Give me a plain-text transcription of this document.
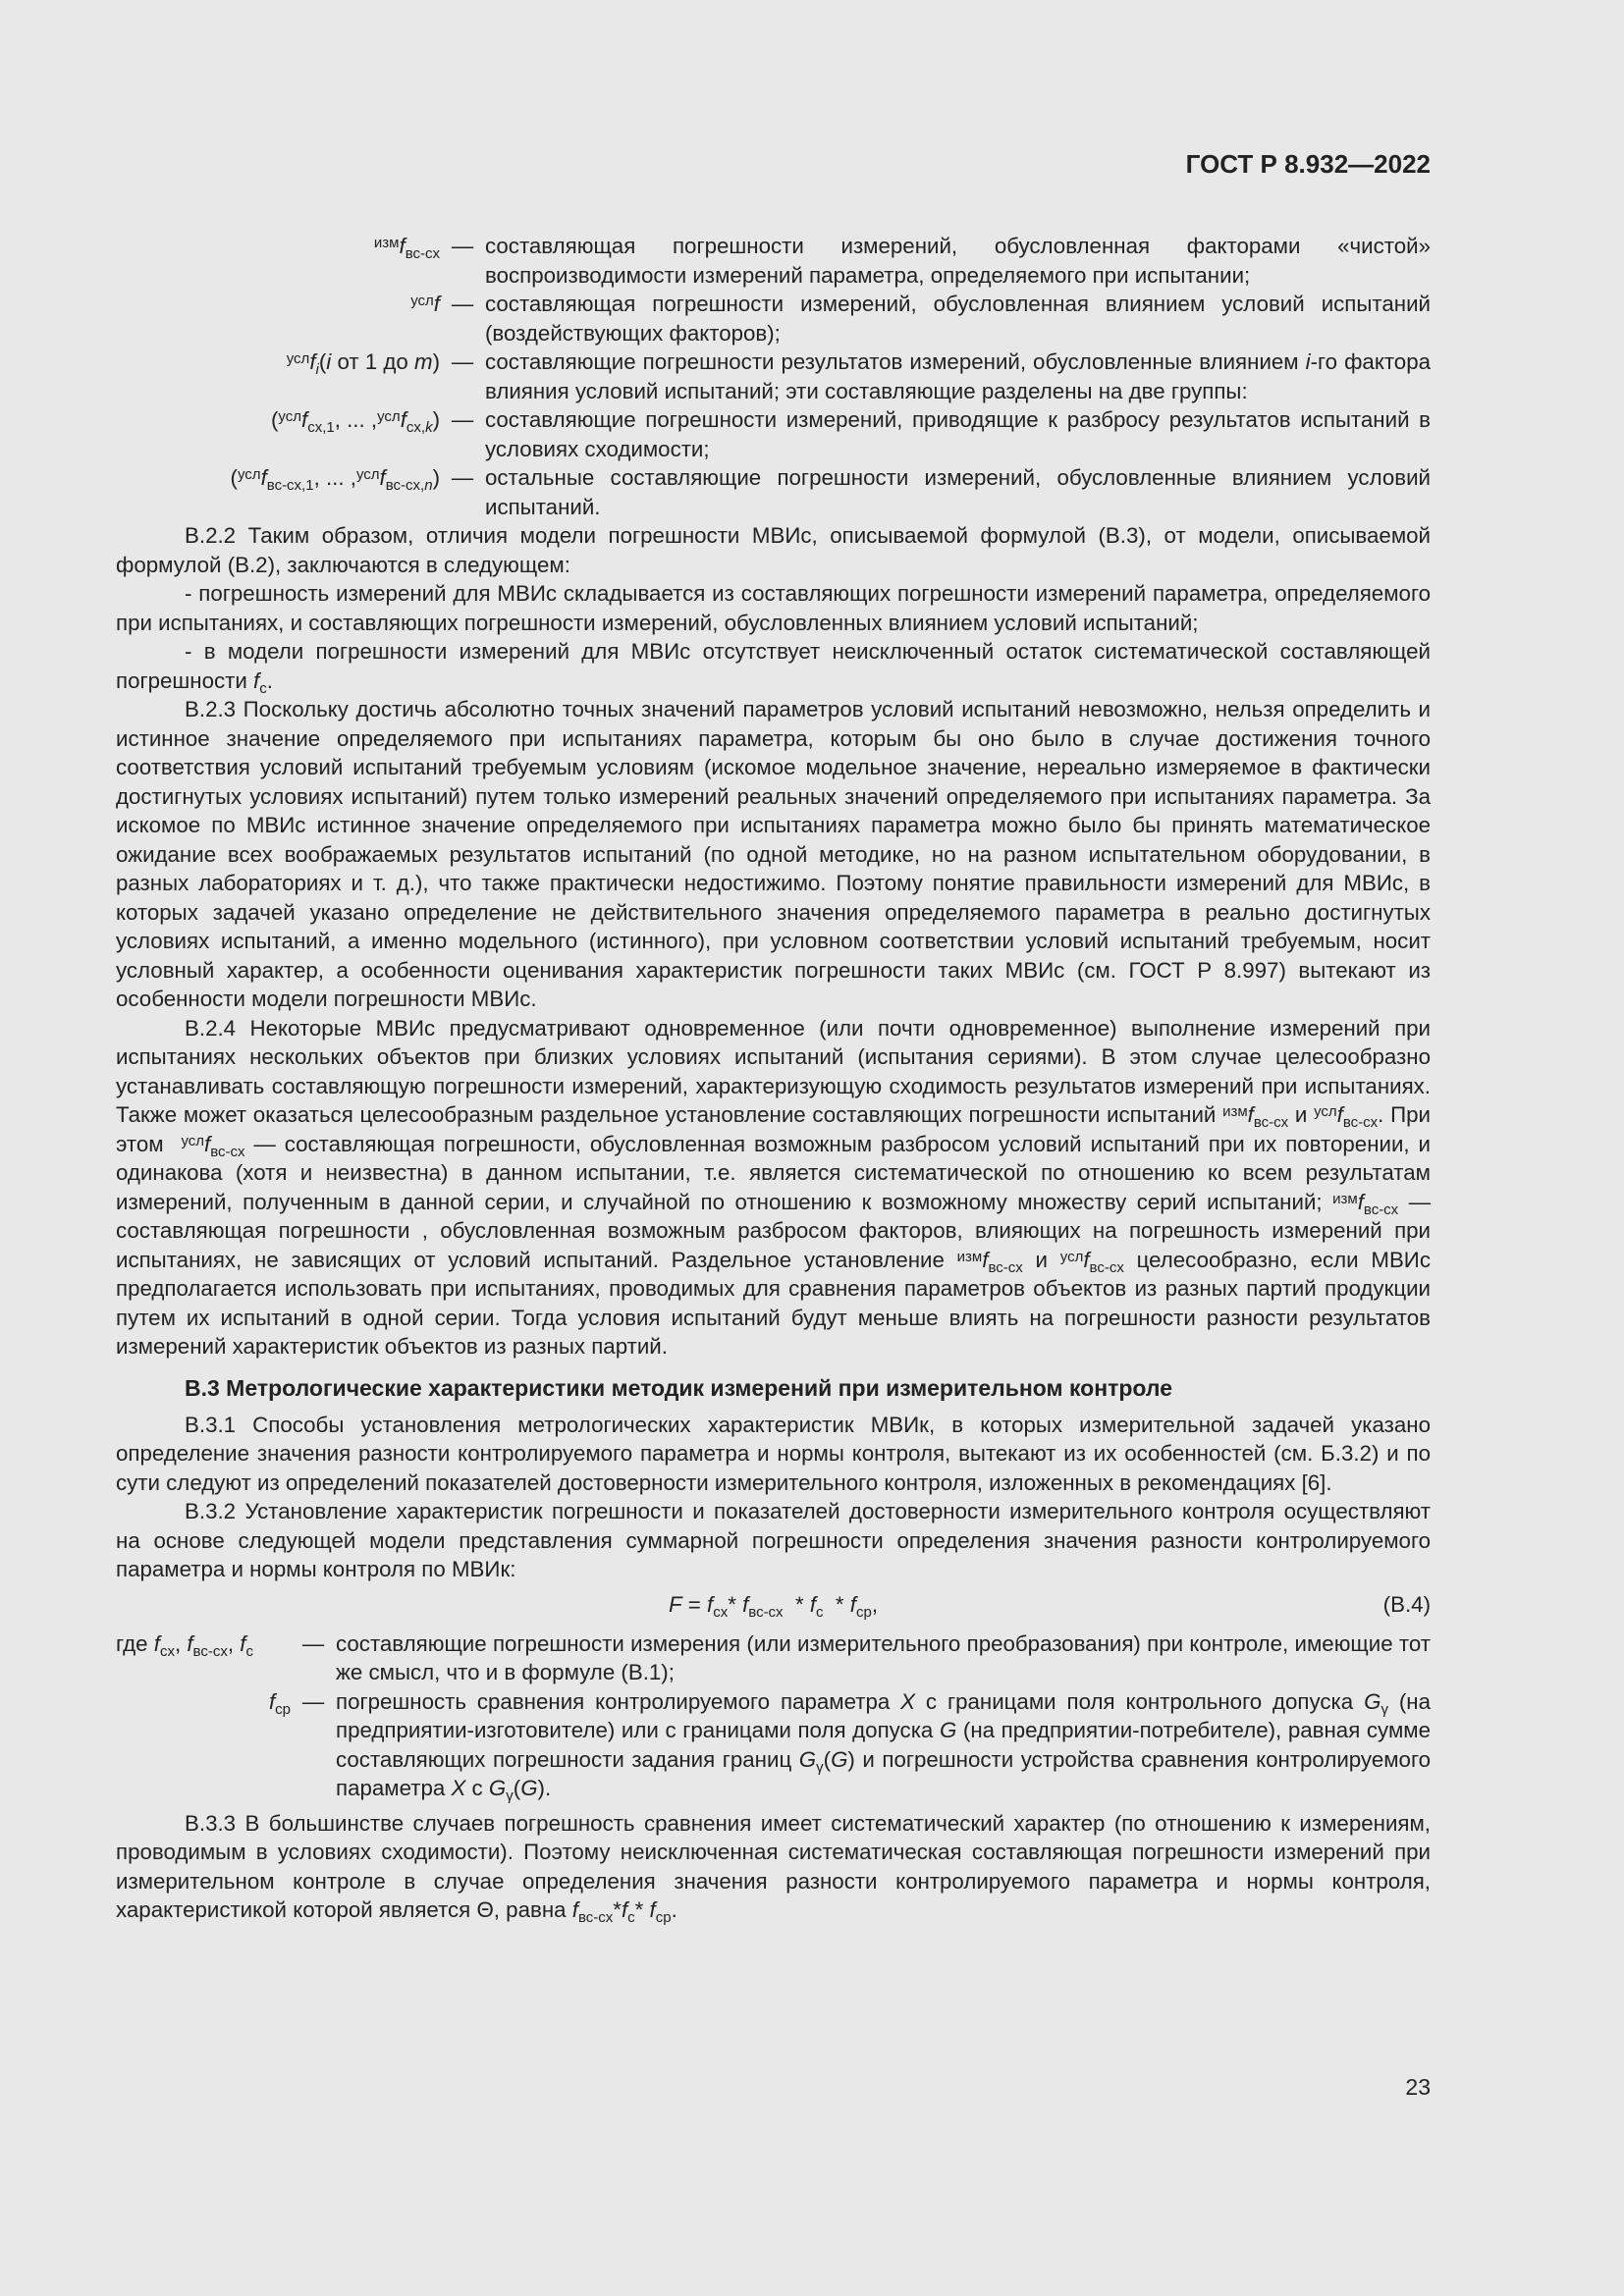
ГОСТ Р 8.932—2022
$^{изм}f_{вс-сх}$ — составляющая погрешности измерений, обусловленная факторами «чистой» воспроизводимости измерений параметра, определяемого при испытании;
$^{усл}$f — составляющая погрешности измерений, обусловленная влиянием условий испытаний (воздействующих факторов);
$^{усл}f_i(i$ от 1 до m) — составляющие погрешности результатов измерений, обусловленные влиянием i-го фактора влияния условий испытаний; эти составляющие разделены на две группы:
($^{усл}f_{сх,1}$, ... $,^{усл}f_{сх,k}$) — составляющие погрешности измерений, приводящие к разбросу результатов испытаний в условиях сходимости;
($^{усл}f_{вс-сх,1}$, ... $,^{усл}f_{вс-сх,n}$) — остальные составляющие погрешности измерений, обусловленные влиянием условий испытаний.

В.2.2 Таким образом, отличия модели погрешности МВИс, описываемой формулой (В.3), от модели, описываемой формулой (В.2), заключаются в следующем:

- погрешность измерений для МВИс складывается из составляющих погрешности измерений параметра, определяемого при испытаниях, и составляющих погрешности измерений, обусловленных влиянием условий испытаний;

- в модели погрешности измерений для МВИс отсутствует неисключенный остаток систематической составляющей погрешности $f_с$.

В.2.3 Поскольку достичь абсолютно точных значений параметров условий испытаний невозможно, нельзя определить и истинное значение определяемого при испытаниях параметра, которым бы оно было в случае достижения точного соответствия условий испытаний требуемым условиям (искомое модельное значение, нереально измеряемое в фактически достигнутых условиях испытаний) путем только измерений реальных значений определяемого при испытаниях параметра. За искомое по МВИс истинное значение определяемого при испытаниях параметра можно было бы принять математическое ожидание всех воображаемых результатов испытаний (по одной методике, но на разном испытательном оборудовании, в разных лабораториях и т. д.), что также практически недостижимо. Поэтому понятие правильности измерений для МВИс, в которых задачей указано определение не действительного значения определяемого параметра в реально достигнутых условиях испытаний, а именно модельного (истинного), при условном соответствии условий испытаний требуемым, носит условный характер, а особенности оценивания характеристик погрешности таких МВИс (см. ГОСТ Р 8.997) вытекают из особенности модели погрешности МВИс.

В.2.4 Некоторые МВИс предусматривают одновременное (или почти одновременное) выполнение измерений при испытаниях нескольких объектов при близких условиях испытаний (испытания сериями). В этом случае целесообразно устанавливать составляющую погрешности измерений, характеризующую сходимость результатов измерений при испытаниях. Также может оказаться целесообразным раздельное установление составляющих погрешности испытаний $^{изм}f_{вс-сх}$ и $^{усл}f_{вс-сх}$. При этом  $^{усл}f_{вс-сх}$ — составляющая погрешности, обусловленная возможным разбросом условий испытаний при их повторении, и одинакова (хотя и неизвестна) в данном испытании, т.е. является систематической по отношению ко всем результатам измерений, полученным в данной серии, и случайной по отношению к возможному множеству серий испытаний; $^{изм}f_{вс-сх}$ — составляющая погрешности , обусловленная возможным разбросом факторов, влияющих на погрешность измерений при испытаниях, не зависящих от условий испытаний. Раздельное установление $^{изм}f_{вс-сх}$ и $^{усл}f_{вс-сх}$ целесообразно, если МВИс предполагается использовать при испытаниях, проводимых для сравнения параметров объектов из разных партий продукции путем их испытаний в одной серии. Тогда условия испытаний будут меньше влиять на погрешности разности результатов измерений характеристик объектов из разных партий.

В.3 Метрологические характеристики методик измерений при измерительном контроле

В.3.1 Способы установления метрологических характеристик МВИк, в которых измерительной задачей указано определение значения разности контролируемого параметра и нормы контроля, вытекают из их особенностей (см. Б.3.2) и по сути следуют из определений показателей достоверности измерительного контроля, изложенных в рекомендациях [6].

В.3.2 Установление характеристик погрешности и показателей достоверности измерительного контроля осуществляют на основе следующей модели представления суммарной погрешности определения значения разности контролируемого параметра и нормы контроля по МВИк:

$F = f_{сх}*$ $f_{вс-сх} * f_с * f_{ср}$,	(В.4)
где $f_{сх}$, $f_{вс-сх}$, $f_с$	— составляющие погрешности измерения (или измерительного преобразования) при контроле, имеющие тот же смысл, что и в формуле (В.1);
$f_{ср}$ — погрешность сравнения контролируемого параметра X с границами поля контрольного допуска $G_\gamma$ (на предприятии-изготовителе) или с границами поля допуска G (на предприятии-потребителе), равная сумме составляющих погрешности задания границ $G_\gamma(G)$ и погрешности устройства сравнения контролируемого параметра X с $G_\gamma(G)$.

В.3.3 В большинстве случаев погрешность сравнения имеет систематический характер (по отношению к измерениям, проводимым в условиях сходимости). Поэтому неисключенная систематическая составляющая погрешности измерений при измерительном контроле в случае определения значения разности контролируемого параметра и нормы контроля, характеристикой которой является Θ, равна $f_{вс-сх}*f_с*$ $f_{ср}$.

23
